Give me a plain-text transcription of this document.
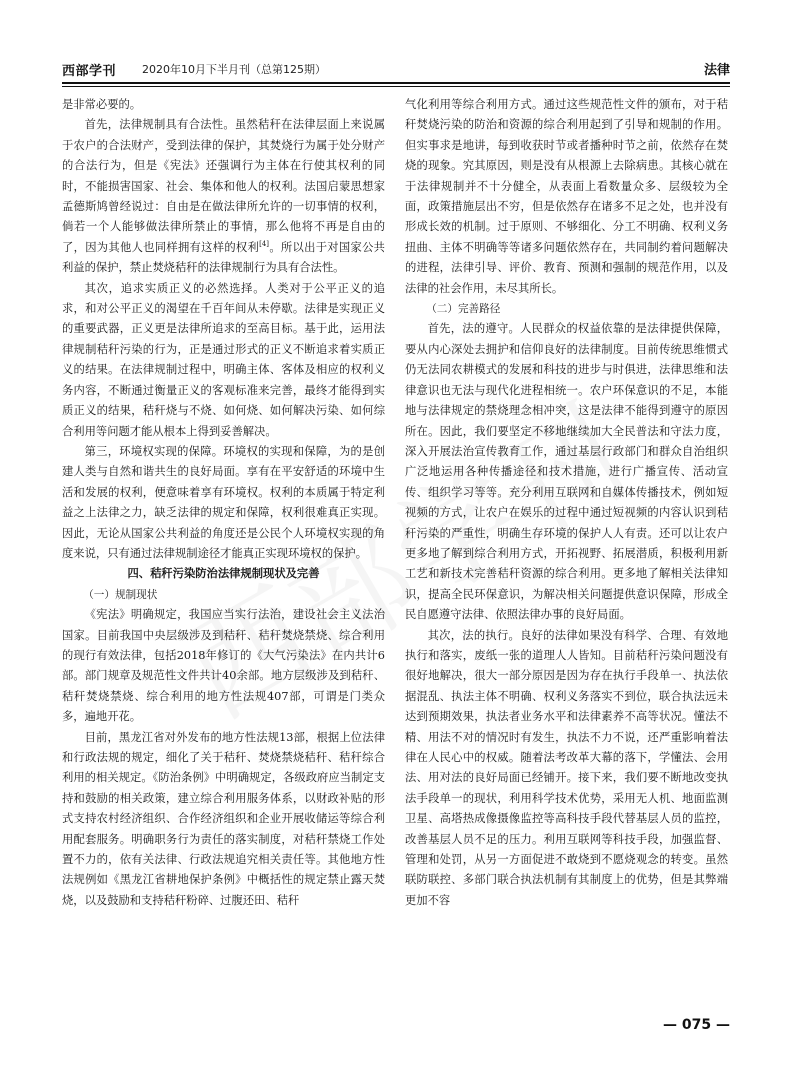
西部学刊 2020年10月下半月刊（总第125期）	法律

是非常必要的。

首先，法律规制具有合法性。虽然秸秆在法律层面上来说属于农户的合法财产，受到法律的保护，其焚烧行为属于处分财产的合法行为，但是《宪法》还强调行为主体在行使其权利的同时，不能损害国家、社会、集体和他人的权利。法国启蒙思想家孟德斯鸠曾经说过：自由是在做法律所允许的一切事情的权利，倘若一个人能够做法律所禁止的事情，那么他将不再是自由的了，因为其他人也同样拥有这样的权利[4]。所以出于对国家公共利益的保护，禁止焚烧秸秆的法律规制行为具有合法性。

其次，追求实质正义的必然选择。人类对于公平正义的追求，和对公平正义的渴望在千百年间从未停歇。法律是实现正义的重要武器，正义更是法律所追求的至高目标。基于此，运用法律规制秸秆污染的行为，正是通过形式的正义不断追求着实质正义的结果。在法律规制过程中，明确主体、客体及相应的权利义务内容，不断通过衡量正义的客观标准来完善，最终才能得到实质正义的结果，秸秆烧与不烧、如何烧、如何解决污染、如何综合利用等问题才能从根本上得到妥善解决。

第三，环境权实现的保障。环境权的实现和保障，为的是创建人类与自然和谐共生的良好局面。享有在平安舒适的环境中生活和发展的权利，便意味着享有环境权。权利的本质属于特定利益之上法律之力，缺乏法律的规定和保障，权利很难真正实现。因此，无论从国家公共利益的角度还是公民个人环境权实现的角度来说，只有通过法律规制途径才能真正实现环境权的保护。

四、秸秆污染防治法律规制现状及完善
（一）规制现状

《宪法》明确规定，我国应当实行法治，建设社会主义法治国家。目前我国中央层级涉及到秸秆、秸秆焚烧禁烧、综合利用的现行有效法律，包括2018年修订的《大气污染法》在内共计6部。部门规章及规范性文件共计40余部。地方层级涉及到秸秆、秸秆焚烧禁烧、综合利用的地方性法规407部，可谓是门类众多，遍地开花。

目前，黑龙江省对外发布的地方性法规13部，根据上位法律和行政法规的规定，细化了关于秸秆、焚烧禁烧秸秆、秸秆综合利用的相关规定。《防治条例》中明确规定，各级政府应当制定支持和鼓励的相关政策，建立综合利用服务体系，以财政补贴的形式支持农村经济组织、合作经济组织和企业开展收储运等综合利用配套服务。明确职务行为责任的落实制度，对秸秆禁烧工作处置不力的，依有关法律、行政法规追究相关责任等。其他地方性法规例如《黑龙江省耕地保护条例》中概括性的规定禁止露天焚烧，以及鼓励和支持秸秆粉碎、过腹还田、秸秆

气化利用等综合利用方式。通过这些规范性文件的颁布，对于秸秆焚烧污染的防治和资源的综合利用起到了引导和规制的作用。但实事求是地讲，每到收获时节或者播种时节之前，依然存在焚烧的现象。究其原因，则是没有从根源上去除病患。其核心就在于法律规制并不十分健全，从表面上看数量众多、层级较为全面，政策措施层出不穷，但是依然存在诸多不足之处，也并没有形成长效的机制。过于原则、不够细化、分工不明确、权利义务扭曲、主体不明确等等诸多问题依然存在，共同制约着问题解决的进程，法律引导、评价、教育、预测和强制的规范作用，以及法律的社会作用，未尽其所长。

（二）完善路径

首先，法的遵守。人民群众的权益依靠的是法律提供保障，要从内心深处去拥护和信仰良好的法律制度。目前传统思维惯式仍无法同农耕模式的发展和科技的进步与时俱进，法律思维和法律意识也无法与现代化进程相统一。农户环保意识的不足，本能地与法律规定的禁烧理念相冲突，这是法律不能得到遵守的原因所在。因此，我们要坚定不移地继续加大全民普法和守法力度，深入开展法治宣传教育工作，通过基层行政部门和群众自治组织广泛地运用各种传播途径和技术措施，进行广播宣传、活动宣传、组织学习等等。充分利用互联网和自媒体传播技术，例如短视频的方式，让农户在娱乐的过程中通过短视频的内容认识到秸秆污染的严重性，明确生存环境的保护人人有责。还可以让农户更多地了解到综合利用方式，开拓视野、拓展潜质，积极利用新工艺和新技术完善秸秆资源的综合利用。更多地了解相关法律知识，提高全民环保意识，为解决相关问题提供意识保障，形成全民自愿遵守法律、依照法律办事的良好局面。

其次，法的执行。良好的法律如果没有科学、合理、有效地执行和落实，废纸一张的道理人人皆知。目前秸秆污染问题没有很好地解决，很大一部分原因是因为存在执行手段单一、执法依据混乱、执法主体不明确、权利义务落实不到位，联合执法远未达到预期效果，执法者业务水平和法律素养不高等状况。懂法不精、用法不对的情况时有发生，执法不力不说，还严重影响着法律在人民心中的权威。随着法考改革大幕的落下，学懂法、会用法、用对法的良好局面已经铺开。接下来，我们要不断地改变执法手段单一的现状，利用科学技术优势，采用无人机、地面监测卫星、高塔热成像摄像监控等高科技手段代替基层人员的监控，改善基层人员不足的压力。利用互联网等科技手段，加强监督、管理和处罚，从另一方面促进不敢烧到不愿烧观念的转变。虽然联防联控、多部门联合执法机制有其制度上的优势，但是其弊端更加不容

— 075 —
